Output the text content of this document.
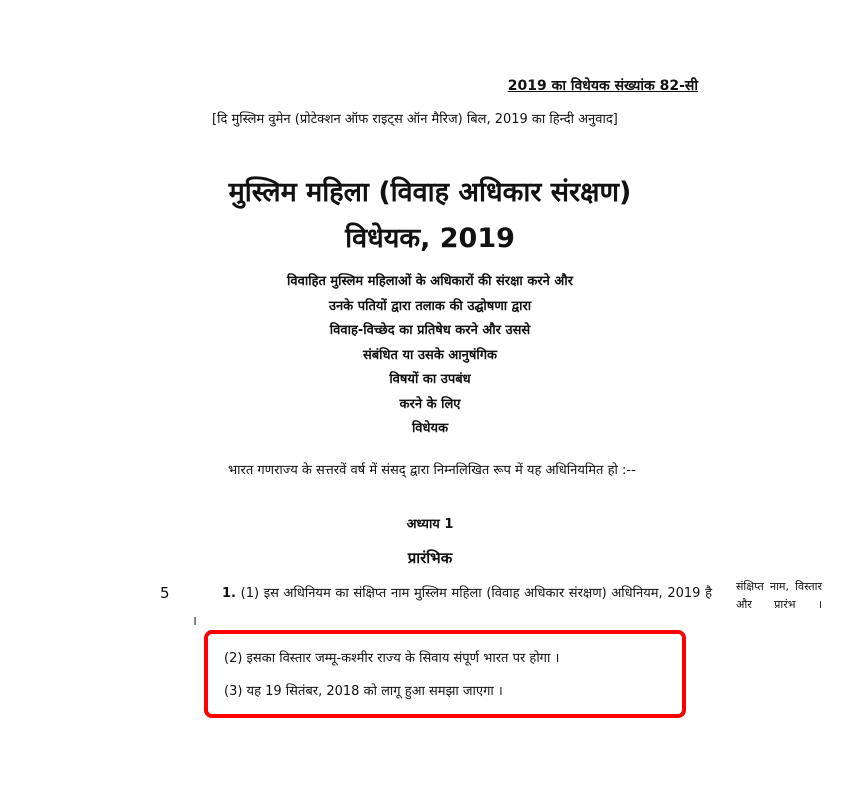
2019 का विधेयक संख्यांक 82-सी
[दि मुस्लिम वुमेन (प्रोटेक्शन ऑफ राइट्स ऑन मैरिज) बिल, 2019 का हिन्दी अनुवाद]
मुस्लिम महिला (विवाह अधिकार संरक्षण)
विधेयक, 2019
विवाहित मुस्लिम महिलाओं के अधिकारों की संरक्षा करने और
उनके पतियों द्वारा तलाक की उद्घोषणा द्वारा
विवाह-विच्छेद का प्रतिषेध करने और उससे
संबंधित या उसके आनुषंगिक
विषयों का उपबंध
करने के लिए
विधेयक
भारत गणराज्य के सत्तरवें वर्ष में संसद् द्वारा निम्नलिखित रूप में यह अधिनियमित हो :--
अध्याय 1
प्रारंभिक
5	1. (1) इस अधिनियम का संक्षिप्त नाम मुस्लिम महिला (विवाह अधिकार संरक्षण) अधिनियम, 2019 है ।
संक्षिप्त नाम, विस्तार और प्रारंभ ।
(2) इसका विस्तार जम्मू-कश्मीर राज्य के सिवाय संपूर्ण भारत पर होगा ।
(3) यह 19 सितंबर, 2018 को लागू हुआ समझा जाएगा ।
